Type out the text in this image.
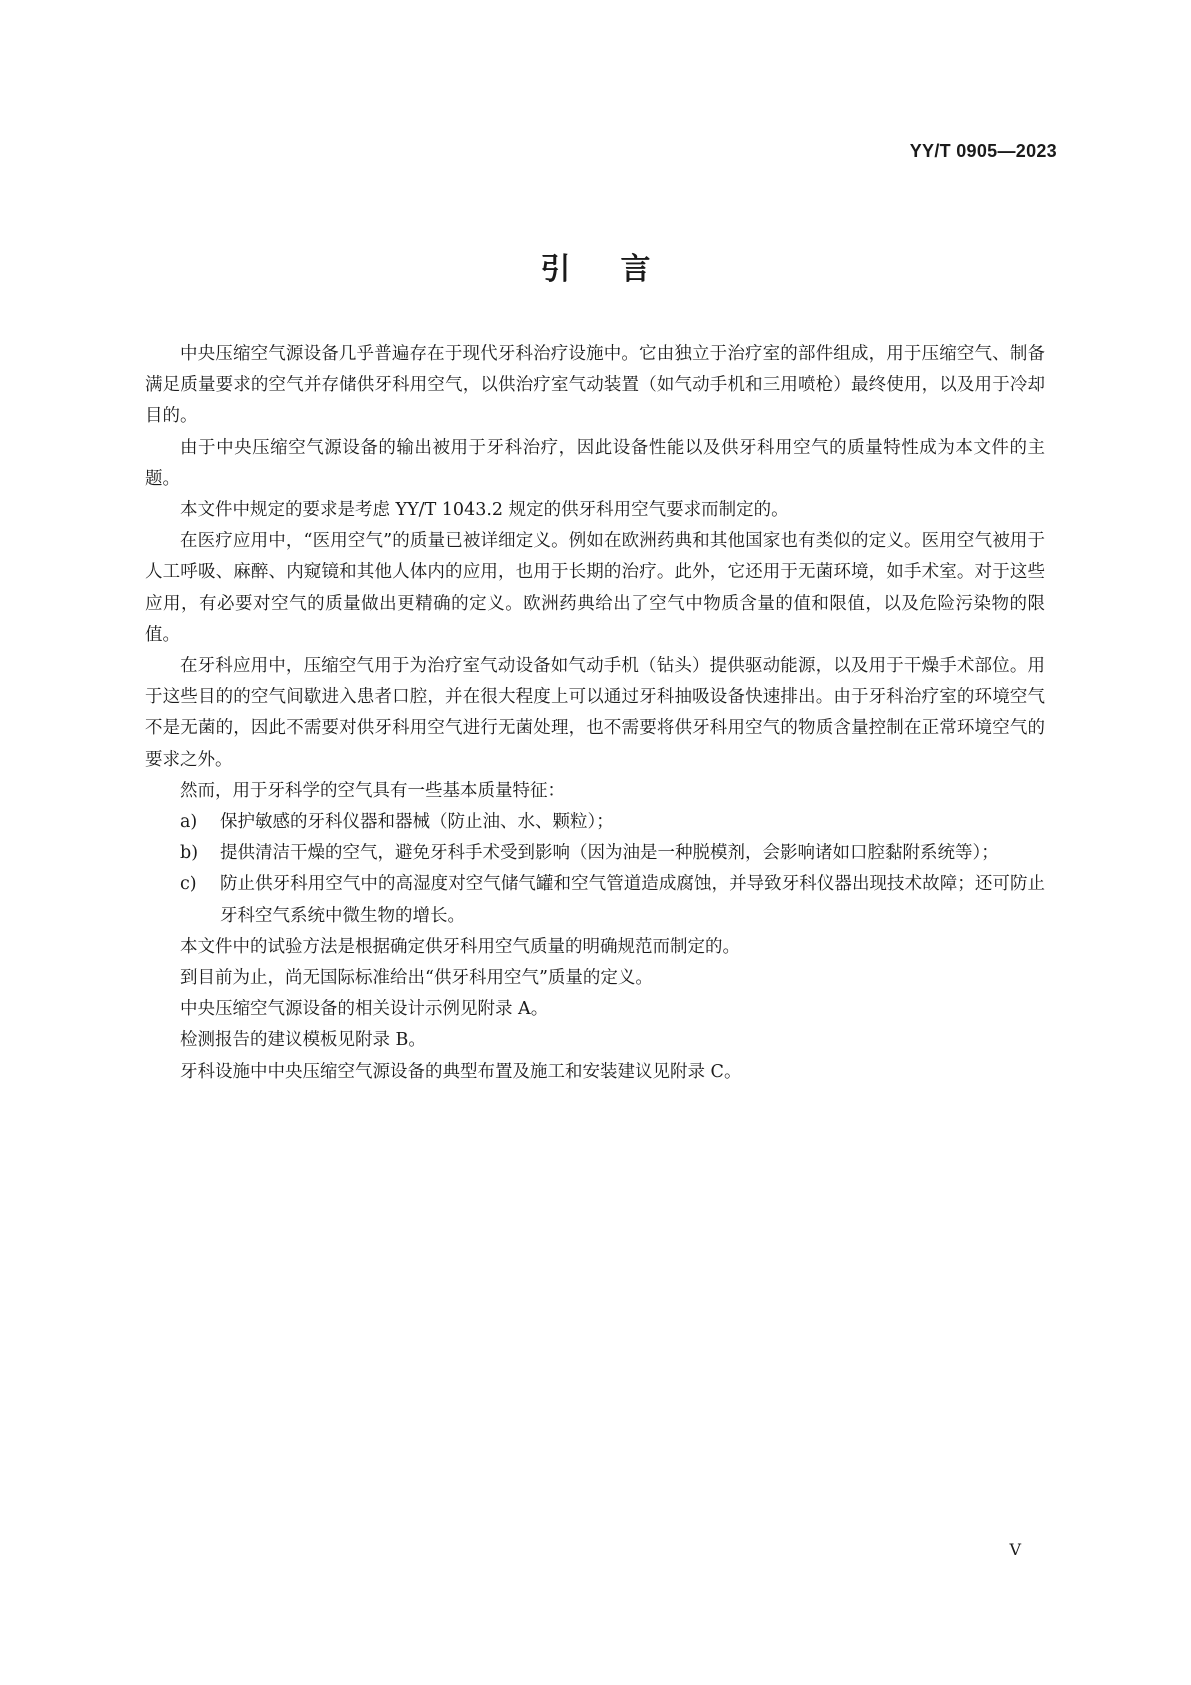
YY/T 0905—2023
引言

中央压缩空气源设备几乎普遍存在于现代牙科治疗设施中。它由独立于治疗室的部件组成，用于压缩空气、制备满足质量要求的空气并存储供牙科用空气，以供治疗室气动装置（如气动手机和三用喷枪）最终使用，以及用于冷却目的。

由于中央压缩空气源设备的输出被用于牙科治疗，因此设备性能以及供牙科用空气的质量特性成为本文件的主题。

本文件中规定的要求是考虑 YY/T 1043.2 规定的供牙科用空气要求而制定的。

在医疗应用中，“医用空气”的质量已被详细定义。例如在欧洲药典和其他国家也有类似的定义。医用空气被用于人工呼吸、麻醉、内窥镜和其他人体内的应用，也用于长期的治疗。此外，它还用于无菌环境，如手术室。对于这些应用，有必要对空气的质量做出更精确的定义。欧洲药典给出了空气中物质含量的值和限值，以及危险污染物的限值。

在牙科应用中，压缩空气用于为治疗室气动设备如气动手机（钻头）提供驱动能源，以及用于干燥手术部位。用于这些目的的空气间歇进入患者口腔，并在很大程度上可以通过牙科抽吸设备快速排出。由于牙科治疗室的环境空气不是无菌的，因此不需要对供牙科用空气进行无菌处理，也不需要将供牙科用空气的物质含量控制在正常环境空气的要求之外。

然而，用于牙科学的空气具有一些基本质量特征：

a)	保护敏感的牙科仪器和器械（防止油、水、颗粒）；
b)	提供清洁干燥的空气，避免牙科手术受到影响（因为油是一种脱模剂，会影响诸如口腔黏附系统等）；
c)	防止供牙科用空气中的高湿度对空气储气罐和空气管道造成腐蚀，并导致牙科仪器出现技术故障；还可防止牙科空气系统中微生物的增长。

本文件中的试验方法是根据确定供牙科用空气质量的明确规范而制定的。

到目前为止，尚无国际标准给出“供牙科用空气”质量的定义。

中央压缩空气源设备的相关设计示例见附录 A。

检测报告的建议模板见附录 B。

牙科设施中中央压缩空气源设备的典型布置及施工和安装建议见附录 C。

V
